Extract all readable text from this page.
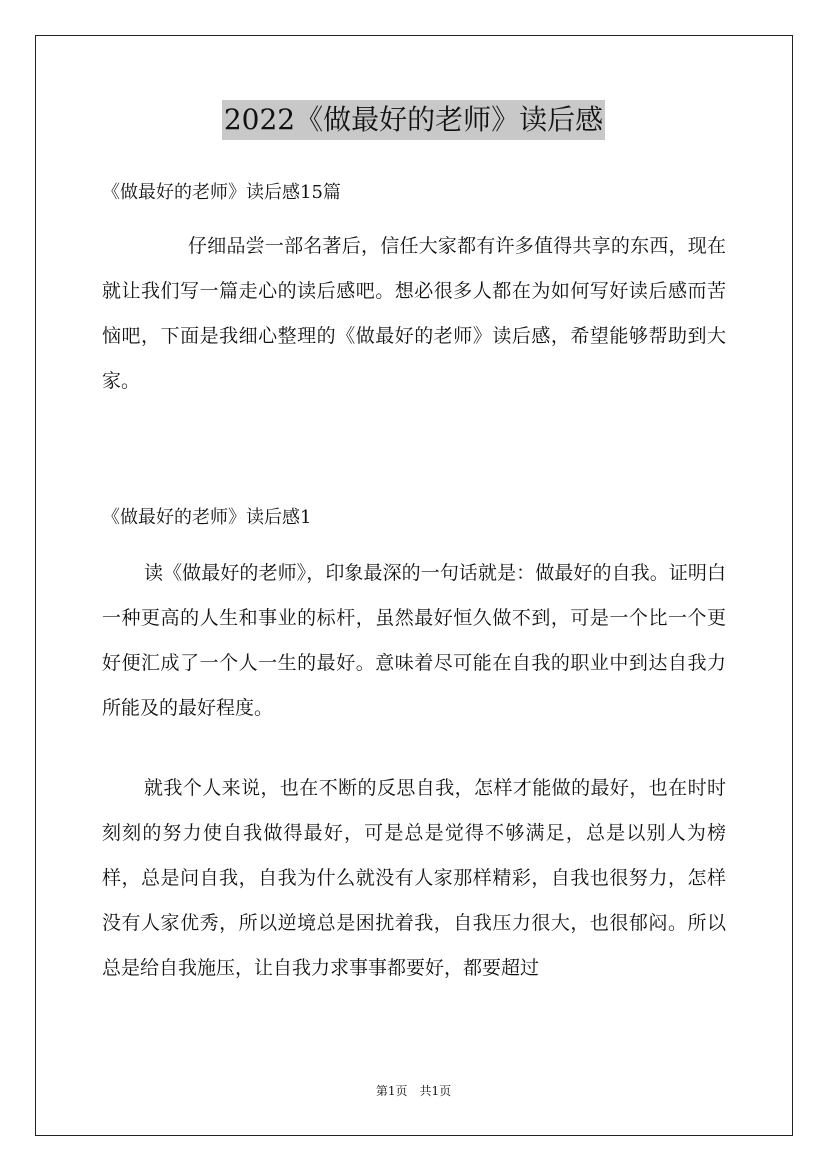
2022《做最好的老师》读后感
《做最好的老师》读后感15篇

仔细品尝一部名著后，信任大家都有许多值得共享的东西，现在就让我们写一篇走心的读后感吧。想必很多人都在为如何写好读后感而苦恼吧，下面是我细心整理的《做最好的老师》读后感，希望能够帮助到大家。

《做最好的老师》读后感1

读《做最好的老师》，印象最深的一句话就是：做最好的自我。证明白一种更高的人生和事业的标杆，虽然最好恒久做不到，可是一个比一个更好便汇成了一个人一生的最好。意味着尽可能在自我的职业中到达自我力所能及的最好程度。

就我个人来说，也在不断的反思自我，怎样才能做的最好，也在时时刻刻的努力使自我做得最好，可是总是觉得不够满足，总是以别人为榜样，总是问自我，自我为什么就没有人家那样精彩，自我也很努力，怎样没有人家优秀，所以逆境总是困扰着我，自我压力很大，也很郁闷。所以总是给自我施压，让自我力求事事都要好，都要超过

第1页　共1页
